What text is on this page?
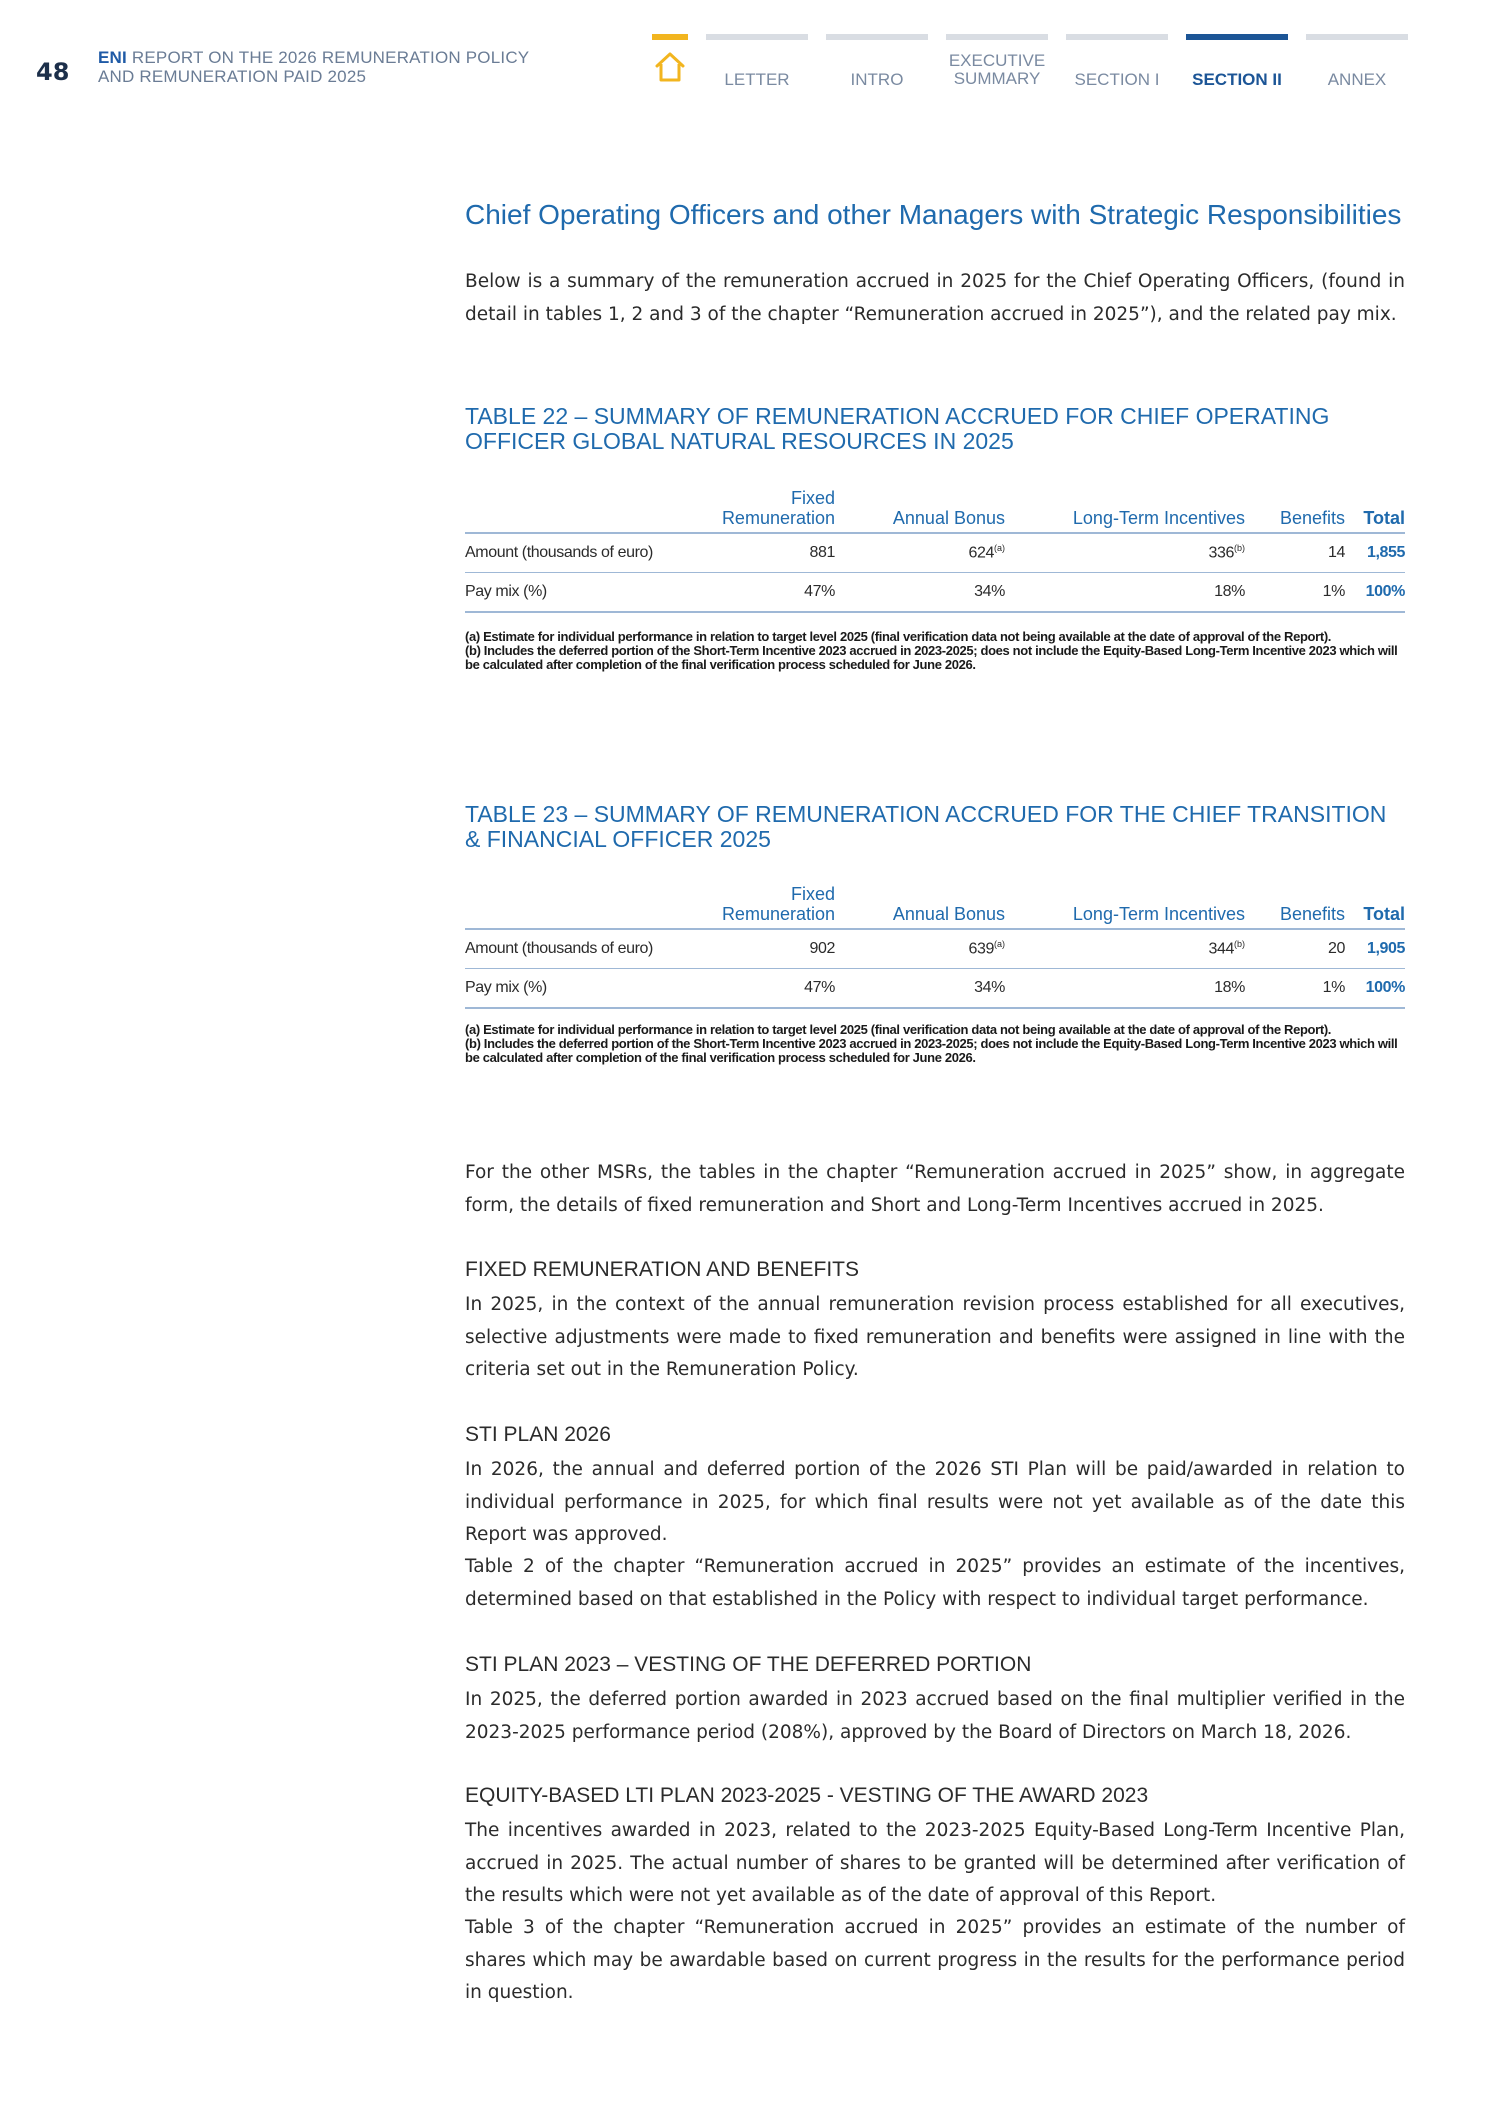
48
ENI REPORT ON THE 2026 REMUNERATION POLICY
AND REMUNERATION PAID 2025	LETTER	INTRO
EXECUTIVE
SUMMARY	SECTION I	SECTION II	ANNEX
Chief Operating Officers and other Managers with Strategic Responsibilities

Below is a summary of the remuneration accrued in 2025 for the Chief Operating Officers, (found in detail in tables 1, 2 and 3 of the chapter “Remuneration accrued in 2025”), and the related pay mix.

TABLE 22 – SUMMARY OF REMUNERATION ACCRUED FOR CHIEF OPERATING OFFICER GLOBAL NATURAL RESOURCES IN 2025
	Fixed
Remuneration	Annual Bonus	Long-Term Incentives	Benefits	Total
Amount (thousands of euro)	881	624$^{(a)}$	336$^{(b)}$	14	1,855
Pay mix (%)	47%	34%	18%	1%	100%
(a) Estimate for individual performance in relation to target level 2025 (final verification data not being available at the date of approval of the Report).
(b) Includes the deferred portion of the Short-Term Incentive 2023 accrued in 2023-2025; does not include the Equity-Based Long-Term Incentive 2023 which will be calculated after completion of the final verification process scheduled for June 2026.
TABLE 23 – SUMMARY OF REMUNERATION ACCRUED FOR THE CHIEF TRANSITION & FINANCIAL OFFICER 2025
	Fixed
Remuneration	Annual Bonus	Long-Term Incentives	Benefits	Total
Amount (thousands of euro)	902	639$^{(a)}$	344$^{(b)}$	20	1,905
Pay mix (%)	47%	34%	18%	1%	100%
(a) Estimate for individual performance in relation to target level 2025 (final verification data not being available at the date of approval of the Report).
(b) Includes the deferred portion of the Short-Term Incentive 2023 accrued in 2023-2025; does not include the Equity-Based Long-Term Incentive 2023 which will be calculated after completion of the final verification process scheduled for June 2026.

For the other MSRs, the tables in the chapter “Remuneration accrued in 2025” show, in aggregate form, the details of fixed remuneration and Short and Long-Term Incentives accrued in 2025.

FIXED REMUNERATION AND BENEFITS

In 2025, in the context of the annual remuneration revision process established for all executives, selective adjustments were made to fixed remuneration and benefits were assigned in line with the criteria set out in the Remuneration Policy.

STI PLAN 2026

In 2026, the annual and deferred portion of the 2026 STI Plan will be paid/awarded in relation to individual performance in 2025, for which final results were not yet available as of the date this Report was approved.

Table 2 of the chapter “Remuneration accrued in 2025” provides an estimate of the incentives, determined based on that established in the Policy with respect to individual target performance.

STI PLAN 2023 – VESTING OF THE DEFERRED PORTION

In 2025, the deferred portion awarded in 2023 accrued based on the final multiplier verified in the 2023-2025 performance period (208%), approved by the Board of Directors on March 18, 2026.

EQUITY-BASED LTI PLAN 2023-2025 - VESTING OF THE AWARD 2023

The incentives awarded in 2023, related to the 2023-2025 Equity-Based Long-Term Incentive Plan, accrued in 2025. The actual number of shares to be granted will be determined after verification of the results which were not yet available as of the date of approval of this Report.

Table 3 of the chapter “Remuneration accrued in 2025” provides an estimate of the number of shares which may be awardable based on current progress in the results for the performance period in question.
